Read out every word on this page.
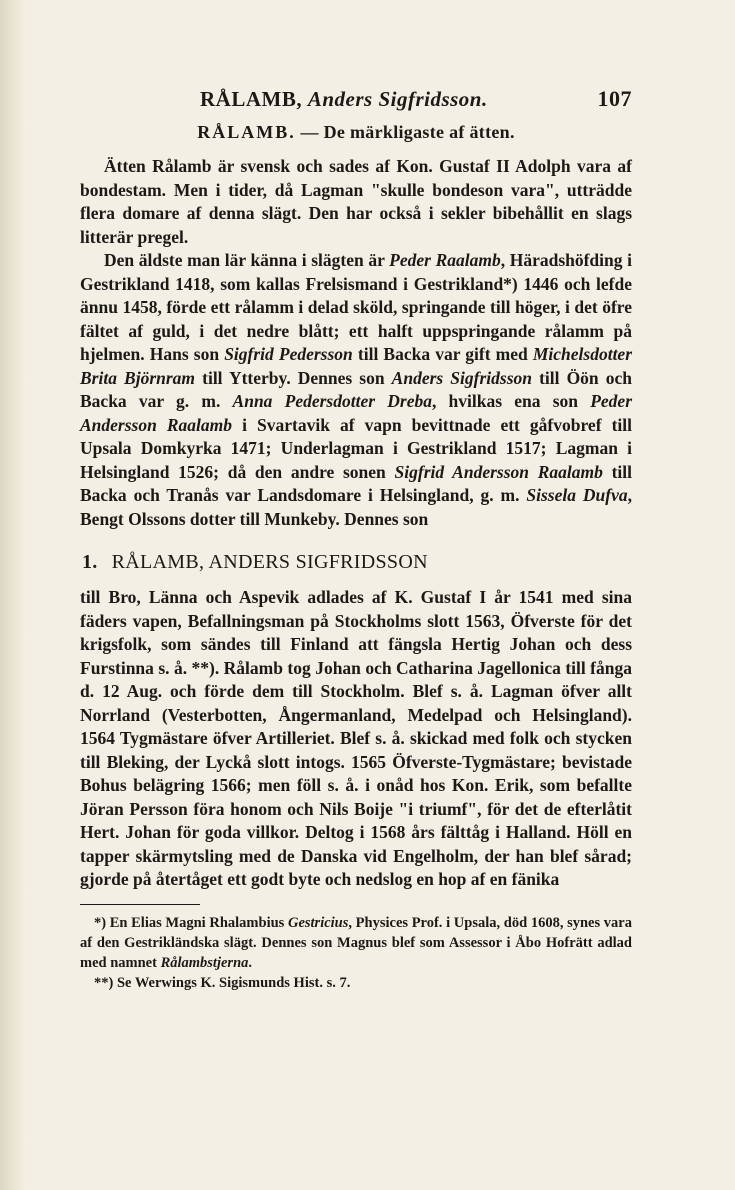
RÅLAMB, Anders Sigfridsson.	107
RÅLAMB. — De märkligaste af ätten.

Ätten Rålamb är svensk och sades af Kon. Gustaf II Adolph vara af bondestam. Men i tider, då Lagman "skulle bondeson vara", utträdde flera domare af denna slägt. Den har också i sekler bibehållit en slags litterär pregel.

Den äldste man lär känna i slägten är Peder Raalamb, Häradshöfding i Gestrikland 1418, som kallas Frelsismand i Gestrikland*) 1446 och lefde ännu 1458, förde ett rålamm i delad sköld, springande till höger, i det öfre fältet af guld, i det nedre blått; ett halft uppspringande rålamm på hjelmen. Hans son Sigfrid Pedersson till Backa var gift med Michelsdotter Brita Björnram till Ytterby. Dennes son Anders Sigfridsson till Öön och Backa var g. m. Anna Pedersdotter Dreba, hvilkas ena son Peder Andersson Raalamb i Svartavik af vapn bevittnade ett gåfvobref till Upsala Domkyrka 1471; Underlagman i Gestrikland 1517; Lagman i Helsingland 1526; då den andre sonen Sigfrid Andersson Raalamb till Backa och Tranås var Landsdomare i Helsingland, g. m. Sissela Dufva, Bengt Olssons dotter till Munkeby. Dennes son

1. RÅLAMB, ANDERS SIGFRIDSSON

till Bro, Länna och Aspevik adlades af K. Gustaf I år 1541 med sina fäders vapen, Befallningsman på Stockholms slott 1563, Öfverste för det krigsfolk, som sändes till Finland att fängsla Hertig Johan och dess Furstinna s. å. **). Rålamb tog Johan och Catharina Jagellonica till fånga d. 12 Aug. och förde dem till Stockholm. Blef s. å. Lagman öfver allt Norrland (Vesterbotten, Ångermanland, Medelpad och Helsingland). 1564 Tygmästare öfver Artilleriet. Blef s. å. skickad med folk och stycken till Bleking, der Lyckå slott intogs. 1565 Öfverste-Tygmästare; bevistade Bohus belägring 1566; men föll s. å. i onåd hos Kon. Erik, som befallte Jöran Persson föra honom och Nils Boije "i triumf", för det de efterlåtit Hert. Johan för goda villkor. Deltog i 1568 års fälttåg i Halland. Höll en tapper skärmytsling med de Danska vid Engelholm, der han blef sårad; gjorde på återtåget ett godt byte och nedslog en hop af en fänika

*) En Elias Magni Rhalambius Gestricius, Physices Prof. i Upsala, död 1608, synes vara af den Gestrikländska slägt. Dennes son Magnus blef som Assessor i Åbo Hofrätt adlad med namnet Rålambstjerna.

**) Se Werwings K. Sigismunds Hist. s. 7.
